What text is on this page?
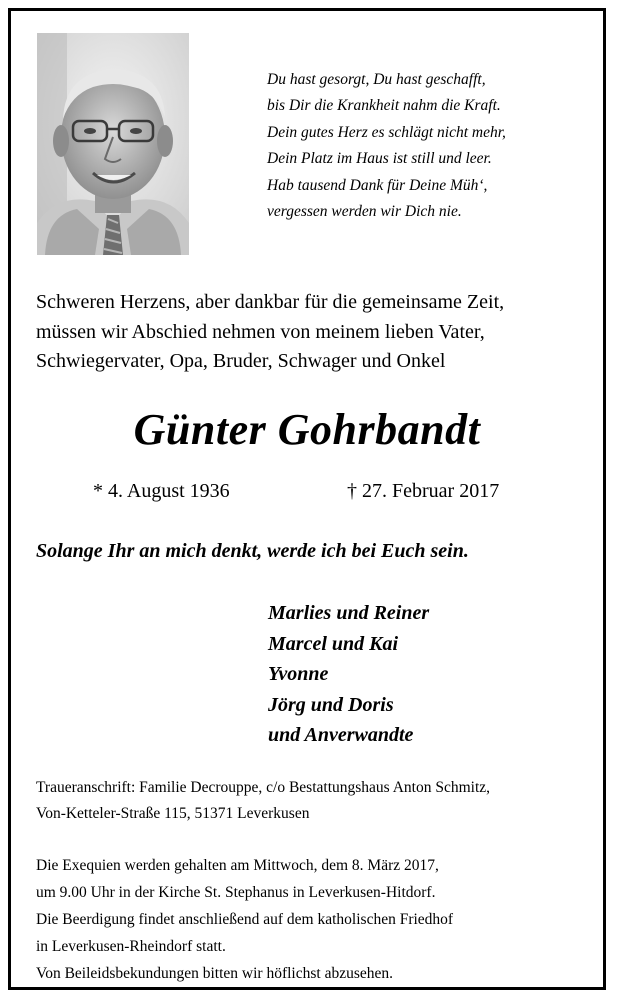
Du hast gesorgt, Du hast geschafft,
bis Dir die Krankheit nahm die Kraft.
Dein gutes Herz es schlägt nicht mehr,
Dein Platz im Haus ist still und leer.
Hab tausend Dank für Deine Müh‘,
vergessen werden wir Dich nie.
Schweren Herzens, aber dankbar für die gemeinsame Zeit,
müssen wir Abschied nehmen von meinem lieben Vater,
Schwiegervater, Opa, Bruder, Schwager und Onkel
Günter Gohrbandt
* 4. August 1936	† 27. Februar 2017
Solange Ihr an mich denkt, werde ich bei Euch sein.
Marlies und Reiner
Marcel und Kai
Yvonne
Jörg und Doris
und Anverwandte
Traueranschrift: Familie Decrouppe, c/o Bestattungshaus Anton Schmitz,
Von-Ketteler-Straße 115, 51371 Leverkusen
Die Exequien werden gehalten am Mittwoch, dem 8. März 2017,
um 9.00 Uhr in der Kirche St. Stephanus in Leverkusen-Hitdorf.
Die Beerdigung findet anschließend auf dem katholischen Friedhof
in Leverkusen-Rheindorf statt.
Von Beileidsbekundungen bitten wir höflichst abzusehen.
